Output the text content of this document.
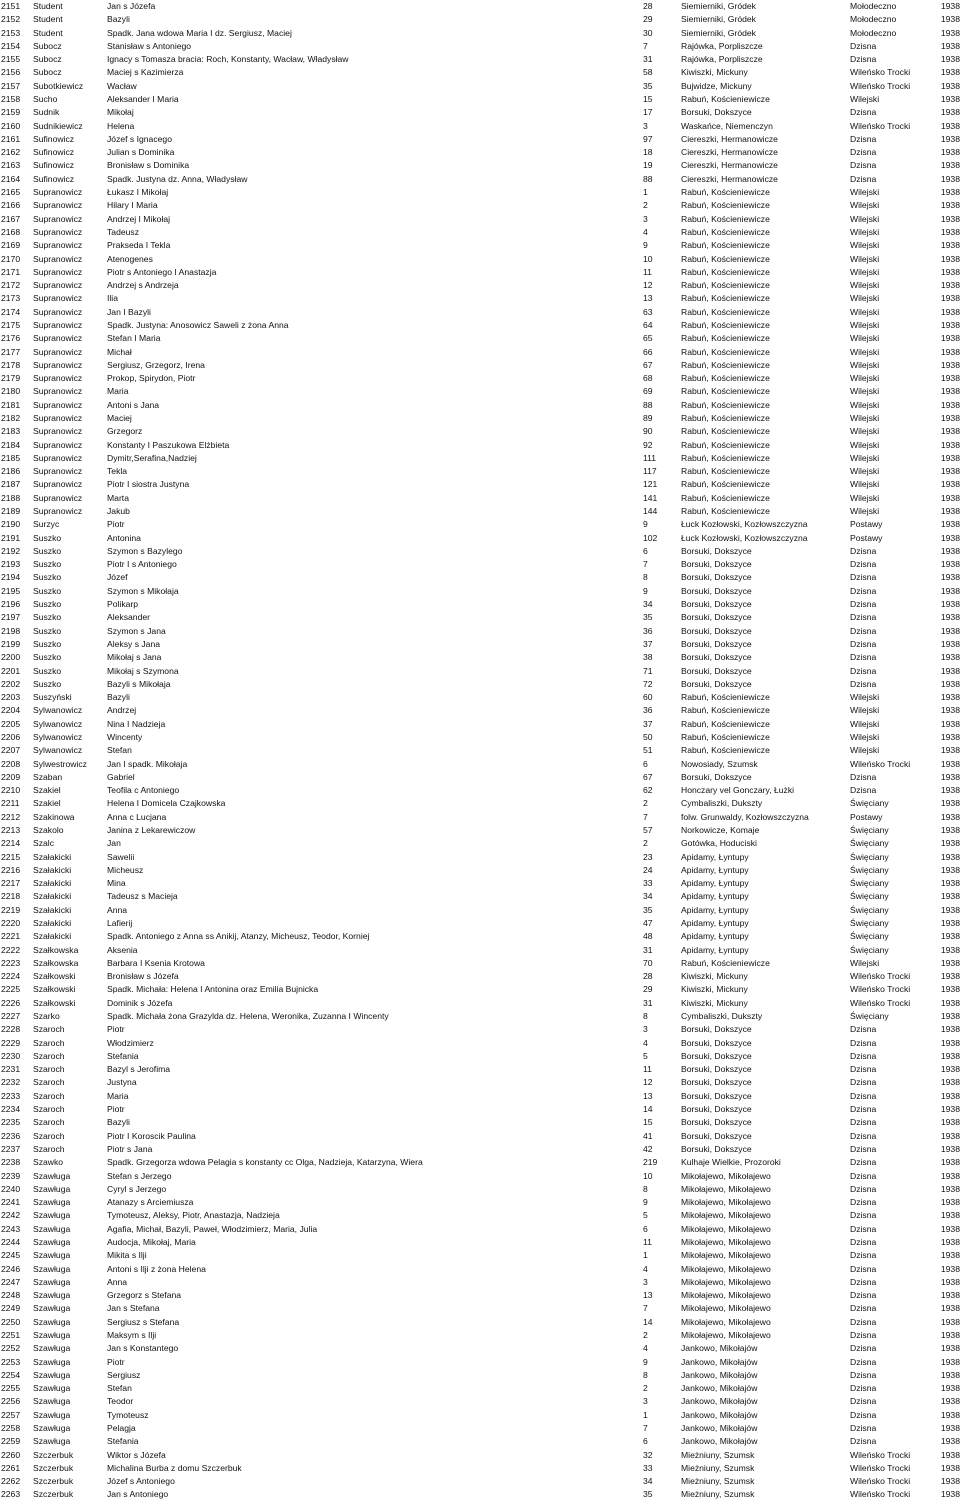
2151	Student	Jan s Józefa	28	Siemierniki, Gródek	Mołodeczno	1938
2152	Student	Bazyli	29	Siemierniki, Gródek	Mołodeczno	1938
2153	Student	Spadk. Jana wdowa Maria I dz. Sergiusz, Maciej	30	Siemierniki, Gródek	Mołodeczno	1938
2154	Subocz	Stanisław s Antoniego	7	Rajówka, Porpliszcze	Dzisna	1938
2155	Subocz	Ignacy s Tomasza bracia: Roch, Konstanty, Wacław, Władysław	31	Rajówka, Porpliszcze	Dzisna	1938
2156	Subocz	Maciej s Kazimierza	58	Kiwiszki, Mickuny	Wileńsko Trocki	1938
2157	Subotkiewicz	Wacław	35	Bujwidze, Mickuny	Wileńsko Trocki	1938
2158	Sucho	Aleksander I Maria	15	Rabuń, Kościeniewicze	Wilejski	1938
2159	Sudnik	Mikołaj	17	Borsuki, Dokszyce	Dzisna	1938
2160	Sudnikiewicz	Helena	3	Waskańce, Niemenczyn	Wileńsko Trocki	1938
2161	Sufinowicz	Józef s Ignacego	97	Ciereszki, Hermanowicze	Dzisna	1938
2162	Sufinowicz	Julian s Dominika	18	Ciereszki, Hermanowicze	Dzisna	1938
2163	Sufinowicz	Bronisław s Dominika	19	Ciereszki, Hermanowicze	Dzisna	1938
2164	Sufinowicz	Spadk. Justyna dz. Anna, Władysław	88	Ciereszki, Hermanowicze	Dzisna	1938
2165	Supranowicz	Łukasz I Mikołaj	1	Rabuń, Kościeniewicze	Wilejski	1938
2166	Supranowicz	Hilary I Maria	2	Rabuń, Kościeniewicze	Wilejski	1938
2167	Supranowicz	Andrzej I Mikołaj	3	Rabuń, Kościeniewicze	Wilejski	1938
2168	Supranowicz	Tadeusz	4	Rabuń, Kościeniewicze	Wilejski	1938
2169	Supranowicz	Prakseda I Tekla	9	Rabuń, Kościeniewicze	Wilejski	1938
2170	Supranowicz	Atenogenes	10	Rabuń, Kościeniewicze	Wilejski	1938
2171	Supranowicz	Piotr s Antoniego I Anastazja	11	Rabuń, Kościeniewicze	Wilejski	1938
2172	Supranowicz	Andrzej s Andrzeja	12	Rabuń, Kościeniewicze	Wilejski	1938
2173	Supranowicz	Ilia	13	Rabuń, Kościeniewicze	Wilejski	1938
2174	Supranowicz	Jan I Bazyli	63	Rabuń, Kościeniewicze	Wilejski	1938
2175	Supranowicz	Spadk. Justyna: Anosowicz Saweli z żona Anna	64	Rabuń, Kościeniewicze	Wilejski	1938
2176	Supranowicz	Stefan I Maria	65	Rabuń, Kościeniewicze	Wilejski	1938
2177	Supranowicz	Michał	66	Rabuń, Kościeniewicze	Wilejski	1938
2178	Supranowicz	Sergiusz, Grzegorz, Irena	67	Rabuń, Kościeniewicze	Wilejski	1938
2179	Supranowicz	Prokop, Spirydon, Piotr	68	Rabuń, Kościeniewicze	Wilejski	1938
2180	Supranowicz	Maria	69	Rabuń, Kościeniewicze	Wilejski	1938
2181	Supranowicz	Antoni s Jana	88	Rabuń, Kościeniewicze	Wilejski	1938
2182	Supranowicz	Maciej	89	Rabuń, Kościeniewicze	Wilejski	1938
2183	Supranowicz	Grzegorz	90	Rabuń, Kościeniewicze	Wilejski	1938
2184	Supranowicz	Konstanty I Paszukowa Elżbieta	92	Rabuń, Kościeniewicze	Wilejski	1938
2185	Supranowicz	Dymitr,Serafina,Nadziej	111	Rabuń, Kościeniewicze	Wilejski	1938
2186	Supranowicz	Tekla	117	Rabuń, Kościeniewicze	Wilejski	1938
2187	Supranowicz	Piotr I siostra Justyna	121	Rabuń, Kościeniewicze	Wilejski	1938
2188	Supranowicz	Marta	141	Rabuń, Kościeniewicze	Wilejski	1938
2189	Supranowicz	Jakub	144	Rabuń, Kościeniewicze	Wilejski	1938
2190	Surzyc	Piotr	9	Łuck Kozłowski, Kozłowszczyzna	Postawy	1938
2191	Suszko	Antonina	102	Łuck Kozłowski, Kozłowszczyzna	Postawy	1938
2192	Suszko	Szymon s Bazylego	6	Borsuki, Dokszyce	Dzisna	1938
2193	Suszko	Piotr I s Antoniego	7	Borsuki, Dokszyce	Dzisna	1938
2194	Suszko	Józef	8	Borsuki, Dokszyce	Dzisna	1938
2195	Suszko	Szymon s Mikołaja	9	Borsuki, Dokszyce	Dzisna	1938
2196	Suszko	Polikarp	34	Borsuki, Dokszyce	Dzisna	1938
2197	Suszko	Aleksander	35	Borsuki, Dokszyce	Dzisna	1938
2198	Suszko	Szymon s Jana	36	Borsuki, Dokszyce	Dzisna	1938
2199	Suszko	Aleksy s Jana	37	Borsuki, Dokszyce	Dzisna	1938
2200	Suszko	Mikołaj s Jana	38	Borsuki, Dokszyce	Dzisna	1938
2201	Suszko	Mikołaj s Szymona	71	Borsuki, Dokszyce	Dzisna	1938
2202	Suszko	Bazyli s Mikołaja	72	Borsuki, Dokszyce	Dzisna	1938
2203	Suszyński	Bazyli	60	Rabuń, Kościeniewicze	Wilejski	1938
2204	Sylwanowicz	Andrzej	36	Rabuń, Kościeniewicze	Wilejski	1938
2205	Sylwanowicz	Nina I Nadzieja	37	Rabuń, Kościeniewicze	Wilejski	1938
2206	Sylwanowicz	Wincenty	50	Rabuń, Kościeniewicze	Wilejski	1938
2207	Sylwanowicz	Stefan	51	Rabuń, Kościeniewicze	Wilejski	1938
2208	Sylwestrowicz	Jan I spadk. Mikołaja	6	Nowosiady, Szumsk	Wileńsko Trocki	1938
2209	Szaban	Gabriel	67	Borsuki, Dokszyce	Dzisna	1938
2210	Szakiel	Teofila c Antoniego	62	Honczary vel Gonczary, Łużki	Dzisna	1938
2211	Szakiel	Helena I Domicela Czajkowska	2	Cymbaliszki, Dukszty	Święciany	1938
2212	Szakinowa	Anna c Lucjana	7	folw. Grunwaldy, Kozłowszczyzna	Postawy	1938
2213	Szakolo	Janina z Lekarewiczow	57	Norkowicze, Komaje	Święciany	1938
2214	Szalc	Jan	2	Gotówka, Hoduciski	Święciany	1938
2215	Szałakicki	Sawelii	23	Apidamy, Łyntupy	Święciany	1938
2216	Szałakicki	Micheusz	24	Apidamy, Łyntupy	Święciany	1938
2217	Szałakicki	Mina	33	Apidamy, Łyntupy	Święciany	1938
2218	Szałakicki	Tadeusz s Macieja	34	Apidamy, Łyntupy	Święciany	1938
2219	Szałakicki	Anna	35	Apidamy, Łyntupy	Święciany	1938
2220	Szałakicki	Lafierij	47	Apidamy, Łyntupy	Święciany	1938
2221	Szałakicki	Spadk. Antoniego z Anna ss Anikij, Atanzy, Micheusz, Teodor, Korniej	48	Apidamy, Łyntupy	Święciany	1938
2222	Szałkowska	Aksenia	31	Apidamy, Łyntupy	Święciany	1938
2223	Szałkowska	Barbara I Ksenia Krotowa	70	Rabuń, Kościeniewicze	Wilejski	1938
2224	Szałkowski	Bronisław s Józefa	28	Kiwiszki, Mickuny	Wileńsko Trocki	1938
2225	Szałkowski	Spadk. Michała: Helena I Antonina oraz Emilia Bujnicka	29	Kiwiszki, Mickuny	Wileńsko Trocki	1938
2226	Szałkowski	Dominik s Józefa	31	Kiwiszki, Mickuny	Wileńsko Trocki	1938
2227	Szarko	Spadk. Michała żona Grazylda dz. Helena, Weronika, Zuzanna I Wincenty	8	Cymbaliszki, Dukszty	Święciany	1938
2228	Szaroch	Piotr	3	Borsuki, Dokszyce	Dzisna	1938
2229	Szaroch	Włodzimierz	4	Borsuki, Dokszyce	Dzisna	1938
2230	Szaroch	Stefania	5	Borsuki, Dokszyce	Dzisna	1938
2231	Szaroch	Bazyl s Jerofima	11	Borsuki, Dokszyce	Dzisna	1938
2232	Szaroch	Justyna	12	Borsuki, Dokszyce	Dzisna	1938
2233	Szaroch	Maria	13	Borsuki, Dokszyce	Dzisna	1938
2234	Szaroch	Piotr	14	Borsuki, Dokszyce	Dzisna	1938
2235	Szaroch	Bazyli	15	Borsuki, Dokszyce	Dzisna	1938
2236	Szaroch	Piotr I Koroscik Paulina	41	Borsuki, Dokszyce	Dzisna	1938
2237	Szaroch	Piotr s Jana	42	Borsuki, Dokszyce	Dzisna	1938
2238	Szawko	Spadk. Grzegorza wdowa Pelagia s konstanty cc Olga, Nadzieja, Katarzyna, Wiera	219	Kulhaje Wielkie, Prozoroki	Dzisna	1938
2239	Szawługa	Stefan s Jerzego	10	Mikołajewo, Mikołajewo	Dzisna	1938
2240	Szawługa	Cyryl s Jerzego	8	Mikołajewo, Mikołajewo	Dzisna	1938
2241	Szawługa	Atanazy s Arciemiusza	9	Mikołajewo, Mikołajewo	Dzisna	1938
2242	Szawługa	Tymoteusz, Aleksy, Piotr, Anastazja, Nadzieja	5	Mikołajewo, Mikołajewo	Dzisna	1938
2243	Szawługa	Agafia, Michał, Bazyli, Paweł, Włodzimierz, Maria, Julia	6	Mikołajewo, Mikołajewo	Dzisna	1938
2244	Szawługa	Audocja, Mikołaj, Maria	11	Mikołajewo, Mikołajewo	Dzisna	1938
2245	Szawługa	Mikita s Ilji	1	Mikołajewo, Mikołajewo	Dzisna	1938
2246	Szawługa	Antoni s Ilji z żona Helena	4	Mikołajewo, Mikołajewo	Dzisna	1938
2247	Szawługa	Anna	3	Mikołajewo, Mikołajewo	Dzisna	1938
2248	Szawługa	Grzegorz s Stefana	13	Mikołajewo, Mikołajewo	Dzisna	1938
2249	Szawługa	Jan s Stefana	7	Mikołajewo, Mikołajewo	Dzisna	1938
2250	Szawługa	Sergiusz s Stefana	14	Mikołajewo, Mikołajewo	Dzisna	1938
2251	Szawługa	Maksym s Ilji	2	Mikołajewo, Mikołajewo	Dzisna	1938
2252	Szawługa	Jan s Konstantego	4	Jankowo, Mikołajów	Dzisna	1938
2253	Szawługa	Piotr	9	Jankowo, Mikołajów	Dzisna	1938
2254	Szawługa	Sergiusz	8	Jankowo, Mikołajów	Dzisna	1938
2255	Szawługa	Stefan	2	Jankowo, Mikołajów	Dzisna	1938
2256	Szawługa	Teodor	3	Jankowo, Mikołajów	Dzisna	1938
2257	Szawługa	Tymoteusz	1	Jankowo, Mikołajów	Dzisna	1938
2258	Szawługa	Pelagja	7	Jankowo, Mikołajów	Dzisna	1938
2259	Szawługa	Stefania	6	Jankowo, Mikołajów	Dzisna	1938
2260	Szczerbuk	Wiktor s Józefa	32	Mieżniuny, Szumsk	Wileńsko Trocki	1938
2261	Szczerbuk	Michalina Burba z domu Szczerbuk	33	Mieżniuny, Szumsk	Wileńsko Trocki	1938
2262	Szczerbuk	Józef s Antoniego	34	Mieżniuny, Szumsk	Wileńsko Trocki	1938
2263	Szczerbuk	Jan s Antoniego	35	Mieżniuny, Szumsk	Wileńsko Trocki	1938
